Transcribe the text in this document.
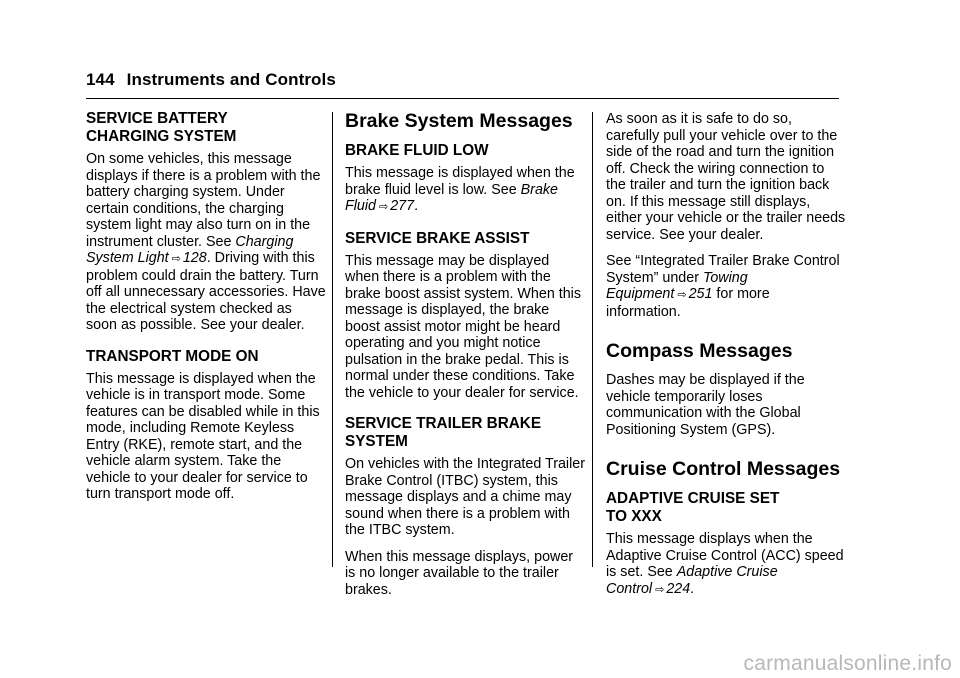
144 Instruments and Controls
SERVICE BATTERY
CHARGING SYSTEM

On some vehicles, this message displays if there is a problem with the battery charging system. Under certain conditions, the charging system light may also turn on in the instrument cluster. See Charging System Light ⇨ 128. Driving with this problem could drain the battery. Turn off all unnecessary accessories. Have the electrical system checked as soon as possible. See your dealer.

TRANSPORT MODE ON

This message is displayed when the vehicle is in transport mode. Some features can be disabled while in this mode, including Remote Keyless Entry (RKE), remote start, and the vehicle alarm system. Take the vehicle to your dealer for service to turn transport mode off.

Brake System Messages
BRAKE FLUID LOW

This message is displayed when the brake fluid level is low. See Brake Fluid ⇨ 277.

SERVICE BRAKE ASSIST

This message may be displayed when there is a problem with the brake boost assist system. When this message is displayed, the brake boost assist motor might be heard operating and you might notice pulsation in the brake pedal. This is normal under these conditions. Take the vehicle to your dealer for service.

SERVICE TRAILER BRAKE
SYSTEM

On vehicles with the Integrated Trailer Brake Control (ITBC) system, this message displays and a chime may sound when there is a problem with the ITBC system.

When this message displays, power is no longer available to the trailer brakes.

As soon as it is safe to do so, carefully pull your vehicle over to the side of the road and turn the ignition off. Check the wiring connection to the trailer and turn the ignition back on. If this message still displays, either your vehicle or the trailer needs service. See your dealer.

See “Integrated Trailer Brake Control System” under Towing Equipment ⇨ 251 for more information.

Compass Messages

Dashes may be displayed if the vehicle temporarily loses communication with the Global Positioning System (GPS).

Cruise Control Messages
ADAPTIVE CRUISE SET
TO XXX

This message displays when the Adaptive Cruise Control (ACC) speed is set. See Adaptive Cruise Control ⇨ 224.

carmanualsonline.info
